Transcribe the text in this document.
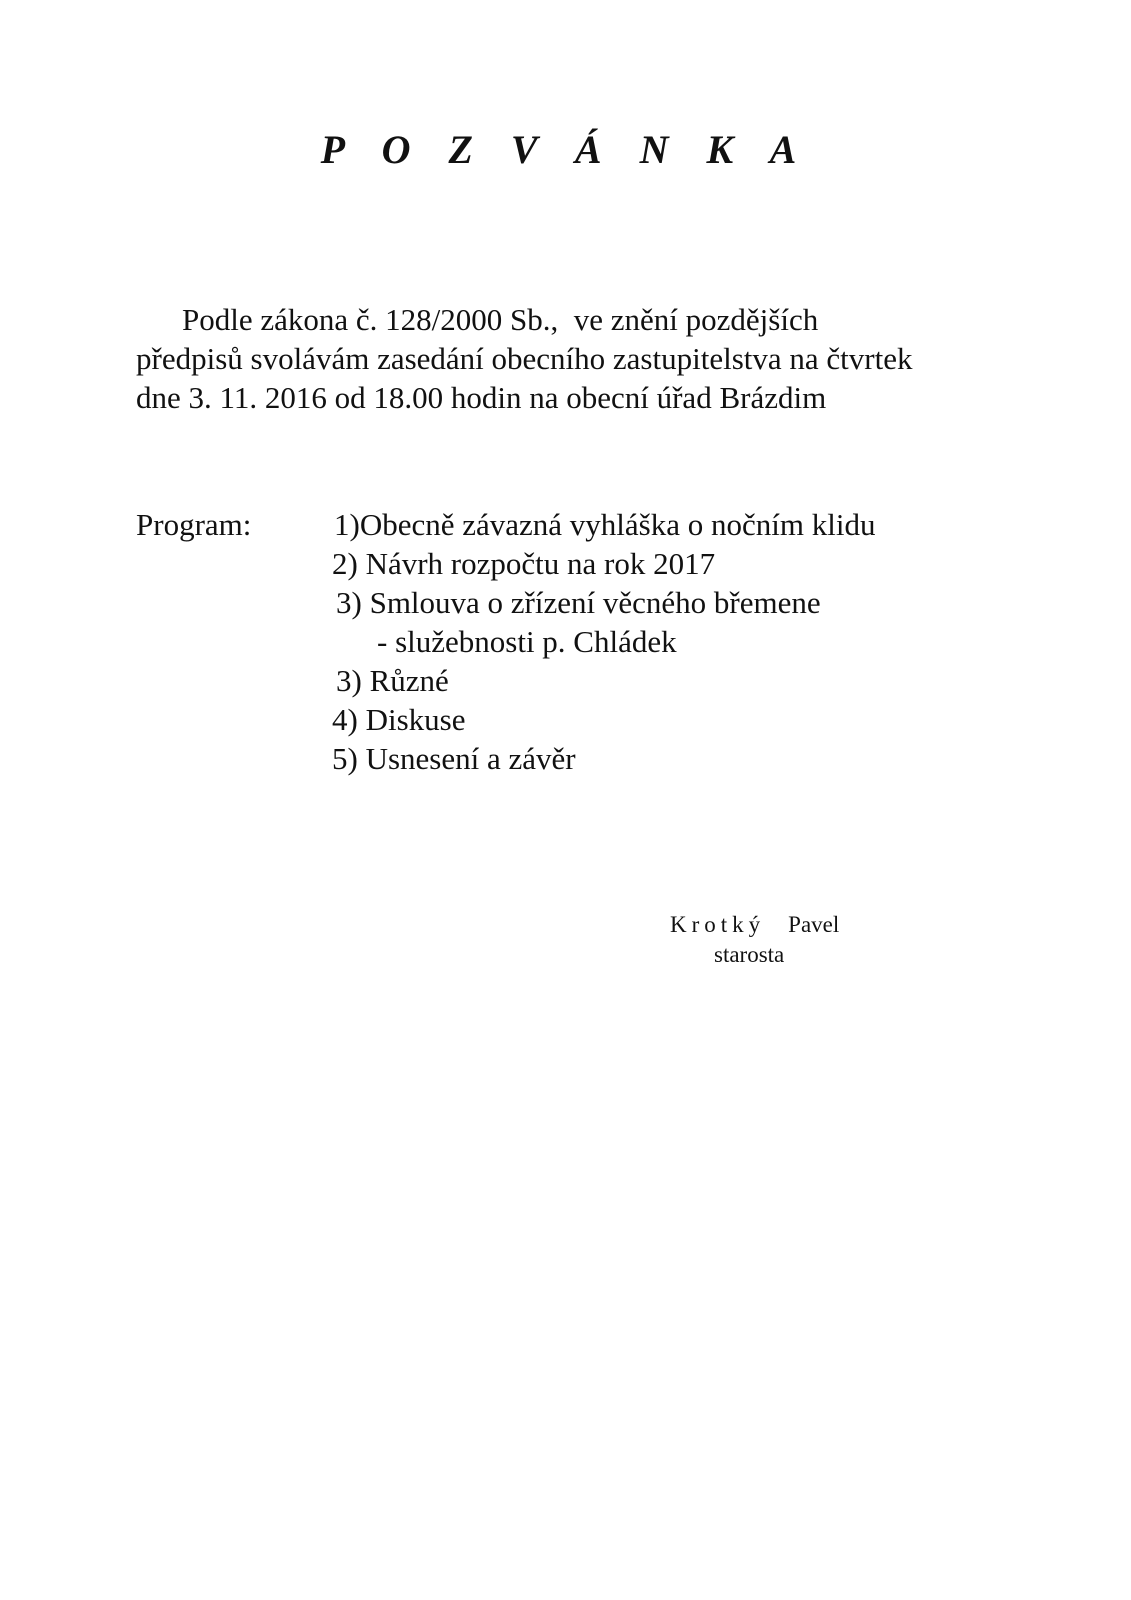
P O Z V Á N K A
Podle zákona č. 128/2000 Sb.,  ve znění pozdějších
předpisů svolávám zasedání obecního zastupitelstva na čtvrtek
dne 3. 11. 2016 od 18.00 hodin na obecní úřad Brázdim
Program:	1)Obecně závazná vyhláška o nočním klidu
2) Návrh rozpočtu na rok 2017
3) Smlouva o zřízení věcného břemene
- služebnosti p. Chládek
3) Různé
4) Diskuse
5) Usnesení a závěr
Krotký Pavel
starosta
